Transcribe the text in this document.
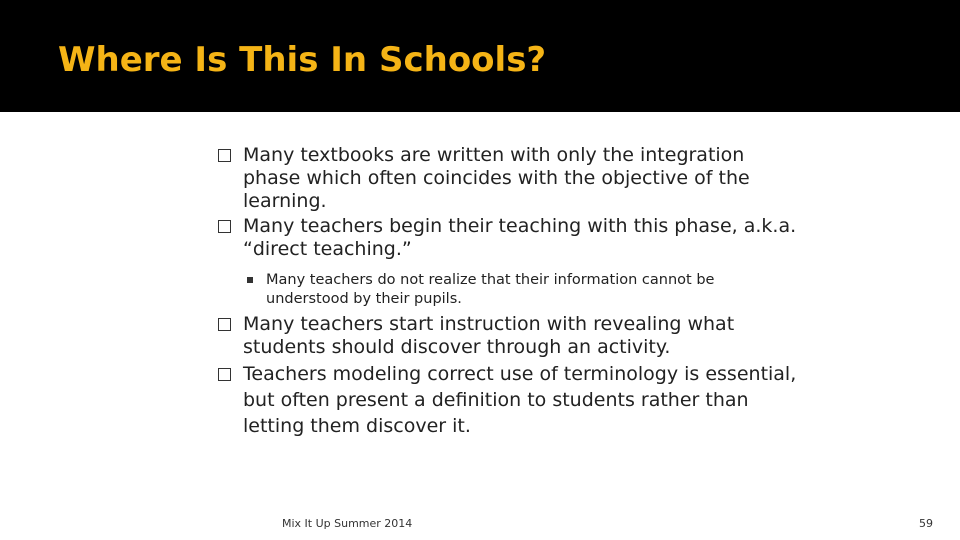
Where Is This In Schools?
Many textbooks are written with only the integration phase which often coincides with the objective of the learning.
Many teachers begin their teaching with this phase, a.k.a. “direct teaching.”
Many teachers do not realize that their information cannot be understood by their pupils.
Many teachers start instruction with revealing what students should discover through an activity.
Teachers modeling correct use of terminology is essential, but often present a definition to students rather than letting them discover it.
Mix It Up Summer 2014	59
